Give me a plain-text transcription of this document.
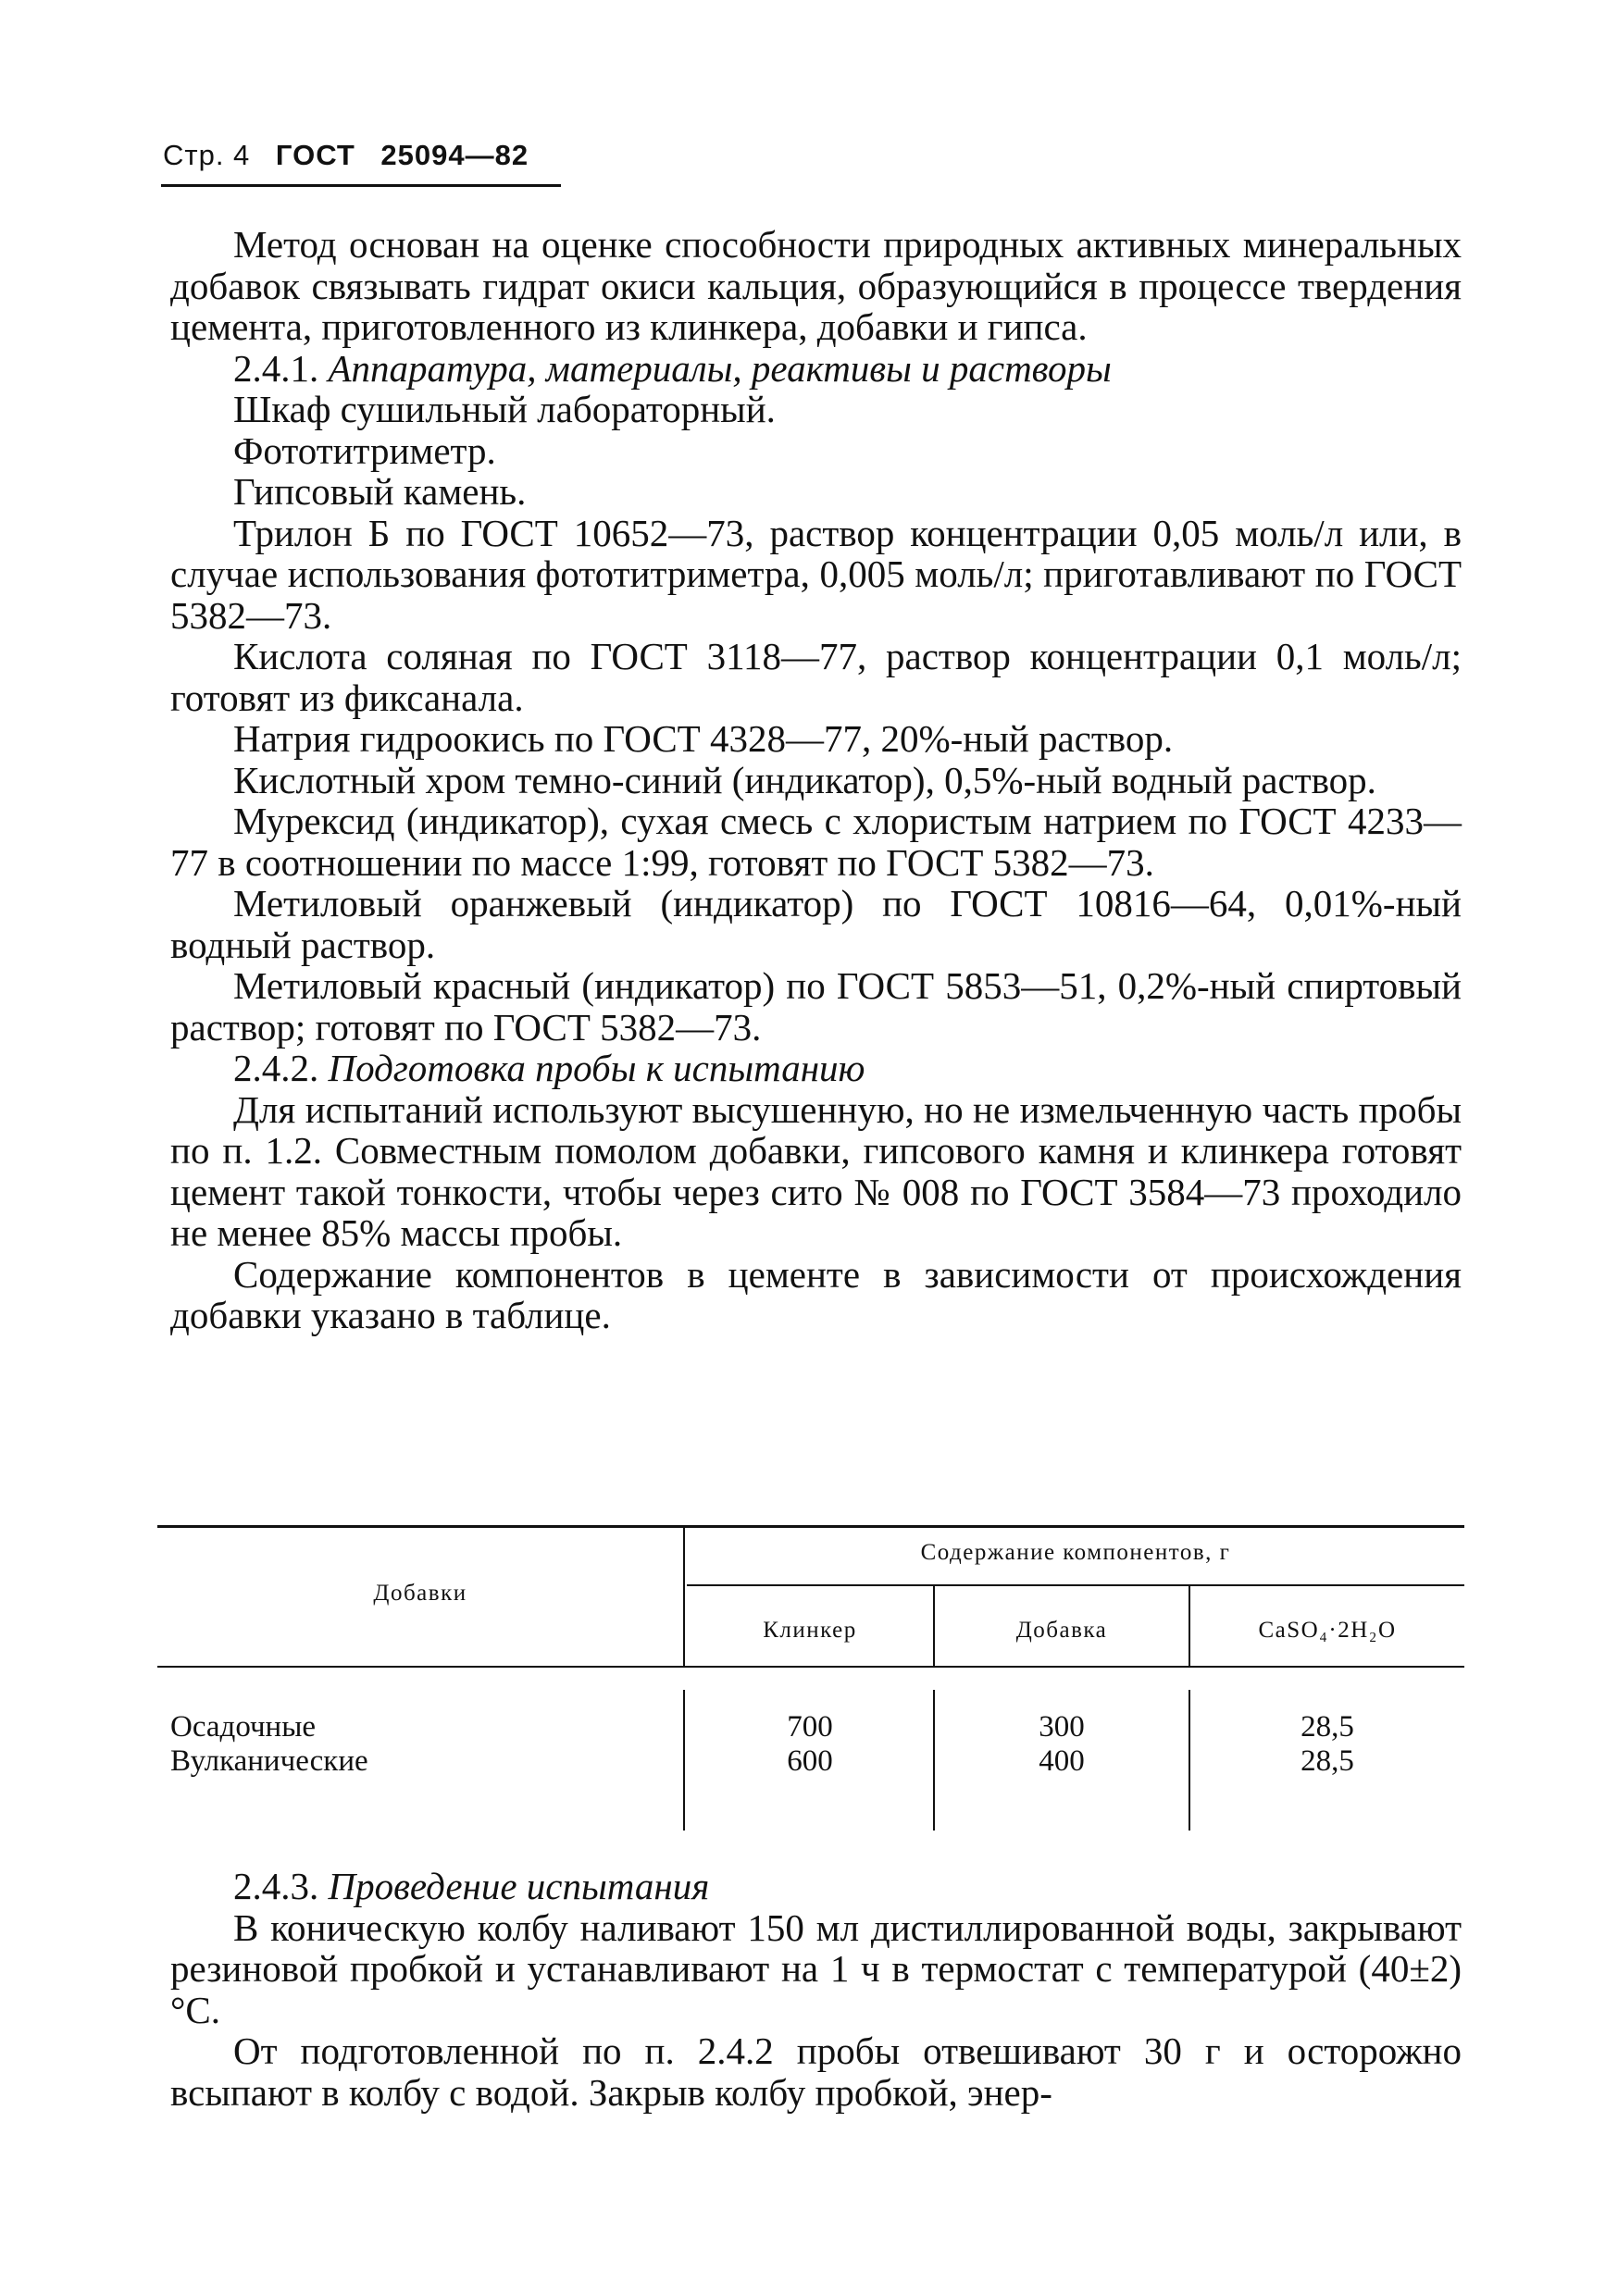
Стр. 4 ГОСТ 25094—82

Метод основан на оценке способности природных активных минеральных добавок связывать гидрат окиси кальция, образующийся в процессе твердения цемента, приготовленного из клинкера, добавки и гипса.

2.4.1. Аппаратура, материалы, реактивы и растворы

Шкаф сушильный лабораторный.

Фототитриметр.

Гипсовый камень.

Трилон Б по ГОСТ 10652—73, раствор концентрации 0,05 моль/л или, в случае использования фототитриметра, 0,005 моль/л; приготавливают по ГОСТ 5382—73.

Кислота соляная по ГОСТ 3118—77, раствор концентрации 0,1 моль/л; готовят из фиксанала.

Натрия гидроокись по ГОСТ 4328—77, 20%-ный раствор.

Кислотный хром темно-синий (индикатор), 0,5%-ный водный раствор.

Мурексид (индикатор), сухая смесь с хлористым натрием по ГОСТ 4233—77 в соотношении по массе 1:99, готовят по ГОСТ 5382—73.

Метиловый оранжевый (индикатор) по ГОСТ 10816—64, 0,01%-ный водный раствор.

Метиловый красный (индикатор) по ГОСТ 5853—51, 0,2%-ный спиртовый раствор; готовят по ГОСТ 5382—73.

2.4.2. Подготовка пробы к испытанию

Для испытаний используют высушенную, но не измельченную часть пробы по п. 1.2. Совместным помолом добавки, гипсового камня и клинкера готовят цемент такой тонкости, чтобы через сито № 008 по ГОСТ 3584—73 проходило не менее 85% массы пробы.

Содержание компонентов в цементе в зависимости от происхождения добавки указано в таблице.

Добавки
Содержание компонентов, г
Клинкер	Добавка	CaSO₄·2H₂O
Осадочные
Вулканические
700
600
300
400
28,5
28,5

2.4.3. Проведение испытания

В коническую колбу наливают 150 мл дистиллированной воды, закрывают резиновой пробкой и устанавливают на 1 ч в термостат с температурой (40±2)°С.

От подготовленной по п. 2.4.2 пробы отвешивают 30 г и осторожно всыпают в колбу с водой. Закрыв колбу пробкой, энер-
